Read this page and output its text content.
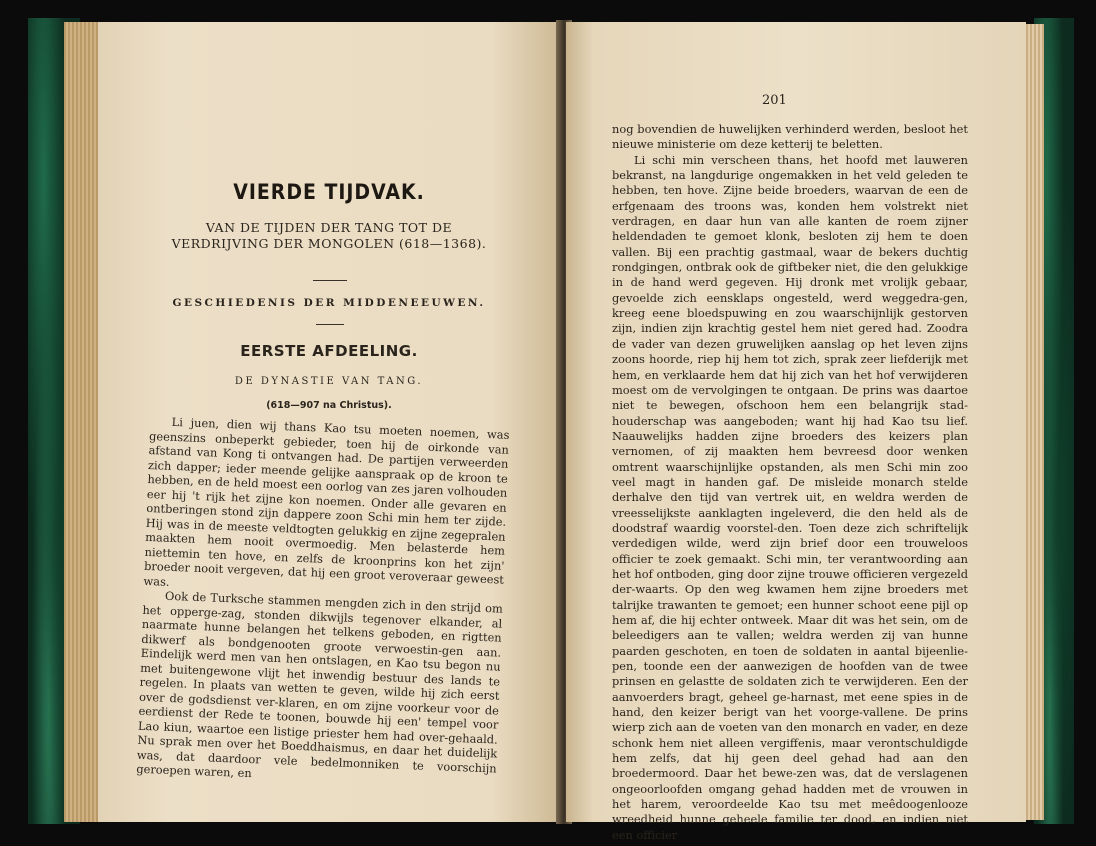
VIERDE TIJDVAK.
VAN DE TIJDEN DER TANG TOT DE VERDRIJVING DER MONGOLEN (618—1368).
GESCHIEDENIS DER MIDDENEEUWEN.
EERSTE AFDEELING.
DE DYNASTIE VAN TANG.
(618—907 na Christus).

Li juen, dien wij thans Kao tsu moeten noemen, was geenszins onbeperkt gebieder, toen hij de oirkonde van afstand van Kong ti ontvangen had. De partijen verweerden zich dapper; ieder meende gelijke aanspraak op de kroon te hebben, en de held moest een oorlog van zes jaren volhouden eer hij 't rijk het zijne kon noemen. Onder alle gevaren en ontberingen stond zijn dappere zoon Schi min hem ter zijde. Hij was in de meeste veldtogten gelukkig en zijne zegepralen maakten hem nooit overmoedig. Men belasterde hem niettemin ten hove, en zelfs de kroonprins kon het zijn' broeder nooit vergeven, dat hij een groot veroveraar geweest was.

Ook de Turksche stammen mengden zich in den strijd om het opperge-zag, stonden dikwijls tegenover elkander, al naarmate hunne belangen het telkens geboden, en rigtten dikwerf als bondgenooten groote verwoestin-gen aan. Eindelijk werd men van hen ontslagen, en Kao tsu begon nu met buitengewone vlijt het inwendig bestuur des lands te regelen. In plaats van wetten te geven, wilde hij zich eerst over de godsdienst ver-klaren, en om zijne voorkeur voor de eerdienst der Rede te toonen, bouwde hij een' tempel voor Lao kiun, waartoe een listige priester hem had over-gehaald. Nu sprak men over het Boeddhaismus, en daar het duidelijk was, dat daardoor vele bedelmonniken te voorschijn geroepen waren, en

201

nog bovendien de huwelijken verhinderd werden, besloot het nieuwe ministerie om deze ketterij te beletten.

Li schi min verscheen thans, het hoofd met lauweren bekranst, na langdurige ongemakken in het veld geleden te hebben, ten hove. Zijne beide broeders, waarvan de een de erfgenaam des troons was, konden hem volstrekt niet verdragen, en daar hun van alle kanten de roem zijner heldendaden te gemoet klonk, besloten zij hem te doen vallen. Bij een prachtig gastmaal, waar de bekers duchtig rondgingen, ontbrak ook de giftbeker niet, die den gelukkige in de hand werd gegeven. Hij dronk met vrolijk gebaar, gevoelde zich eensklaps ongesteld, werd weggedra-gen, kreeg eene bloedspuwing en zou waarschijnlijk gestorven zijn, indien zijn krachtig gestel hem niet gered had. Zoodra de vader van dezen gruwelijken aanslag op het leven zijns zoons hoorde, riep hij hem tot zich, sprak zeer liefderijk met hem, en verklaarde hem dat hij zich van het hof verwijderen moest om de vervolgingen te ontgaan. De prins was daartoe niet te bewegen, ofschoon hem een belangrijk stad-houderschap was aangeboden; want hij had Kao tsu lief. Naauwelijks hadden zijne broeders des keizers plan vernomen, of zij maakten hem bevreesd door wenken omtrent waarschijnlijke opstanden, als men Schi min zoo veel magt in handen gaf. De misleide monarch stelde derhalve den tijd van vertrek uit, en weldra werden de vreesselijkste aanklagten ingeleverd, die den held als de doodstraf waardig voorstel-den. Toen deze zich schriftelijk verdedigen wilde, werd zijn brief door een trouweloos officier te zoek gemaakt. Schi min, ter verantwoording aan het hof ontboden, ging door zijne trouwe officieren vergezeld der-waarts. Op den weg kwamen hem zijne broeders met talrijke trawanten te gemoet; een hunner schoot eene pijl op hem af, die hij echter ontweek. Maar dit was het sein, om de beleedigers aan te vallen; weldra werden zij van hunne paarden geschoten, en toen de soldaten in aantal bijeenlie-pen, toonde een der aanwezigen de hoofden van de twee prinsen en gelastte de soldaten zich te verwijderen. Een der aanvoerders bragt, geheel ge-harnast, met eene spies in de hand, den keizer berigt van het voorge-vallene. De prins wierp zich aan de voeten van den monarch en vader, en deze schonk hem niet alleen vergiffenis, maar verontschuldigde hem zelfs, dat hij geen deel gehad had aan den broedermoord. Daar het bewe-zen was, dat de verslagenen ongeoorloofden omgang gehad hadden met de vrouwen in het harem, veroordeelde Kao tsu met meêdoogenlooze wreedheid hunne geheele familie ter dood, en indien niet een officier
